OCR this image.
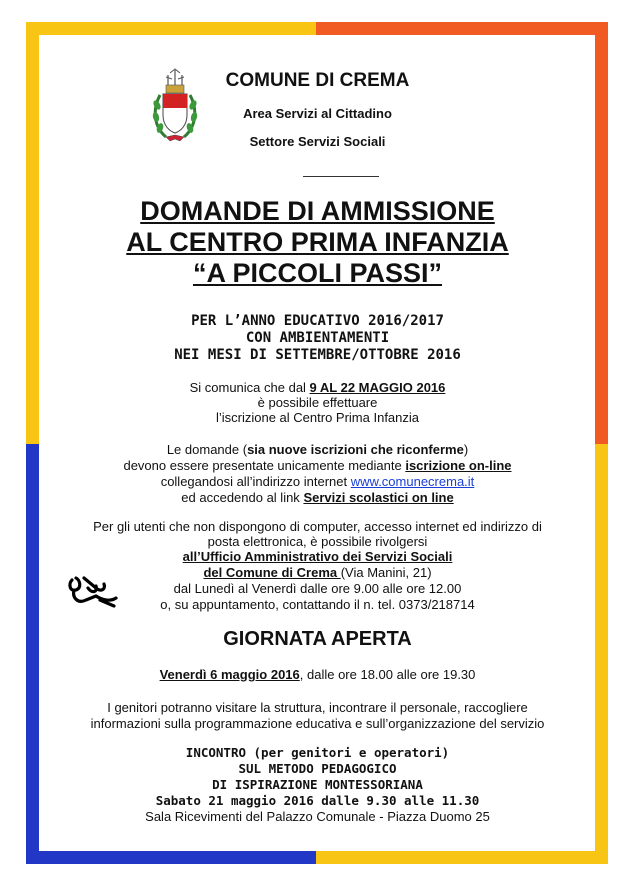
COMUNE DI CREMA
Area Servizi al Cittadino
Settore Servizi Sociali
DOMANDE DI AMMISSIONE
AL CENTRO PRIMA INFANZIA
“A PICCOLI PASSI”
PER L’ANNO EDUCATIVO 2016/2017
CON AMBIENTAMENTI
NEI MESI DI SETTEMBRE/OTTOBRE 2016
Si comunica che dal 9 AL 22 MAGGIO 2016
è possibile effettuare
l’iscrizione al Centro Prima Infanzia
Le domande (sia nuove iscrizioni che riconferme)
devono essere presentate unicamente mediante iscrizione on-line
collegandosi all’indirizzo internet www.comunecrema.it
ed accedendo al link Servizi scolastici on line
Per gli utenti che non dispongono di computer, accesso internet ed indirizzo di
posta elettronica, è possibile rivolgersi
all’Ufficio Amministrativo dei Servizi Sociali
del Comune di Crema (Via Manini, 21)
dal Lunedì al Venerdì dalle ore 9.00 alle ore 12.00
o, su appuntamento, contattando il n. tel. 0373/218714
GIORNATA APERTA
Venerdì 6 maggio 2016, dalle ore 18.00 alle ore 19.30
I genitori potranno visitare la struttura, incontrare il personale, raccogliere
informazioni sulla programmazione educativa e sull’organizzazione del servizio
INCONTRO (per genitori e operatori)
SUL METODO PEDAGOGICO
DI ISPIRAZIONE MONTESSORIANA
Sabato 21 maggio 2016 dalle 9.30 alle 11.30
Sala Ricevimenti del Palazzo Comunale - Piazza Duomo 25
